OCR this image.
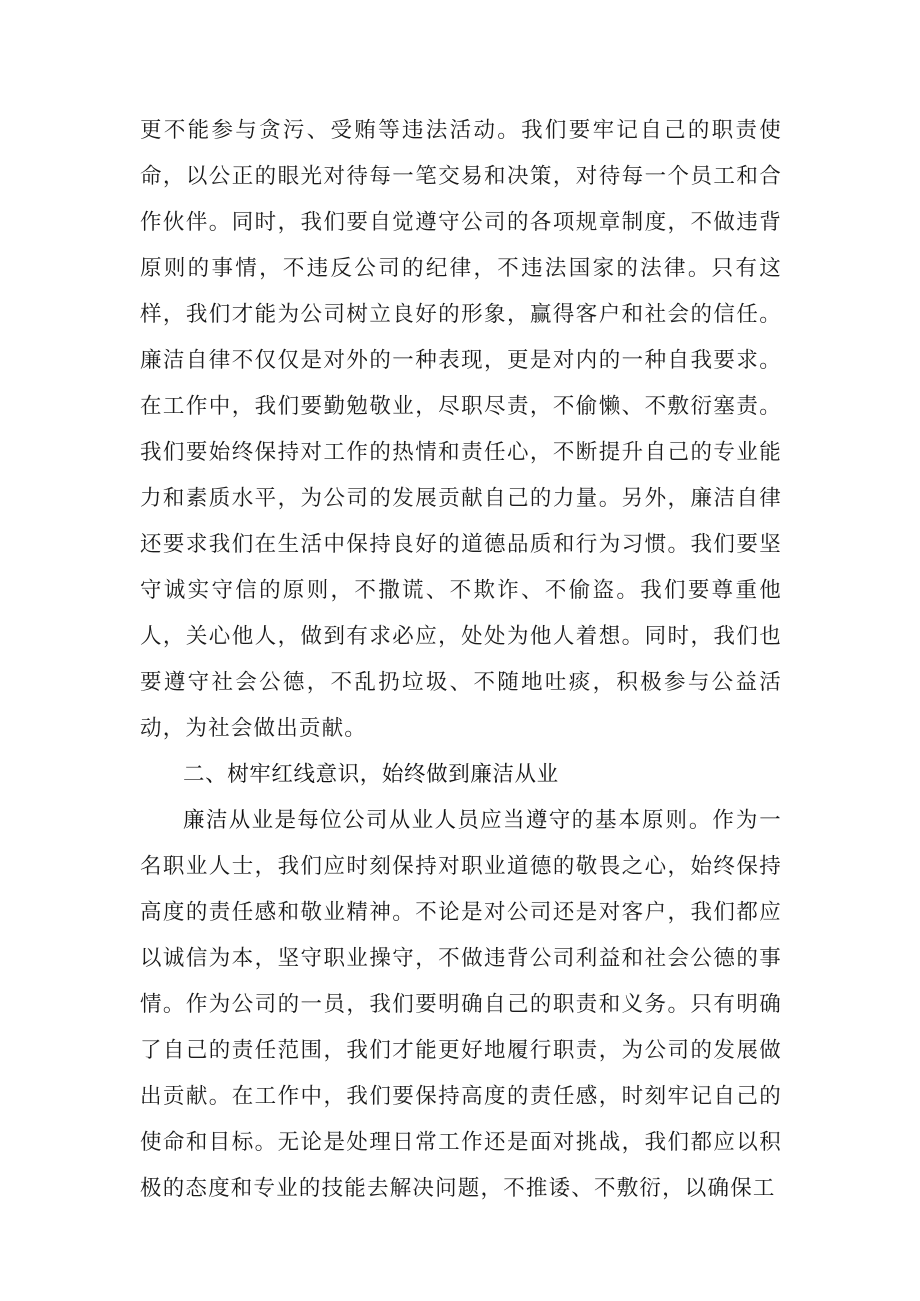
更不能参与贪污、受贿等违法活动。我们要牢记自己的职责使命，以公正的眼光对待每一笔交易和决策，对待每一个员工和合作伙伴。同时，我们要自觉遵守公司的各项规章制度，不做违背原则的事情，不违反公司的纪律，不违法国家的法律。只有这样，我们才能为公司树立良好的形象，赢得客户和社会的信任。廉洁自律不仅仅是对外的一种表现，更是对内的一种自我要求。在工作中，我们要勤勉敬业，尽职尽责，不偷懒、不敷衍塞责。我们要始终保持对工作的热情和责任心，不断提升自己的专业能力和素质水平，为公司的发展贡献自己的力量。另外，廉洁自律还要求我们在生活中保持良好的道德品质和行为习惯。我们要坚守诚实守信的原则，不撒谎、不欺诈、不偷盗。我们要尊重他人，关心他人，做到有求必应，处处为他人着想。同时，我们也要遵守社会公德，不乱扔垃圾、不随地吐痰，积极参与公益活动，为社会做出贡献。

二、树牢红线意识，始终做到廉洁从业

廉洁从业是每位公司从业人员应当遵守的基本原则。作为一名职业人士，我们应时刻保持对职业道德的敬畏之心，始终保持高度的责任感和敬业精神。不论是对公司还是对客户，我们都应以诚信为本，坚守职业操守，不做违背公司利益和社会公德的事情。作为公司的一员，我们要明确自己的职责和义务。只有明确了自己的责任范围，我们才能更好地履行职责，为公司的发展做出贡献。在工作中，我们要保持高度的责任感，时刻牢记自己的使命和目标。无论是处理日常工作还是面对挑战，我们都应以积极的态度和专业的技能去解决问题，不推诿、不敷衍，以确保工
